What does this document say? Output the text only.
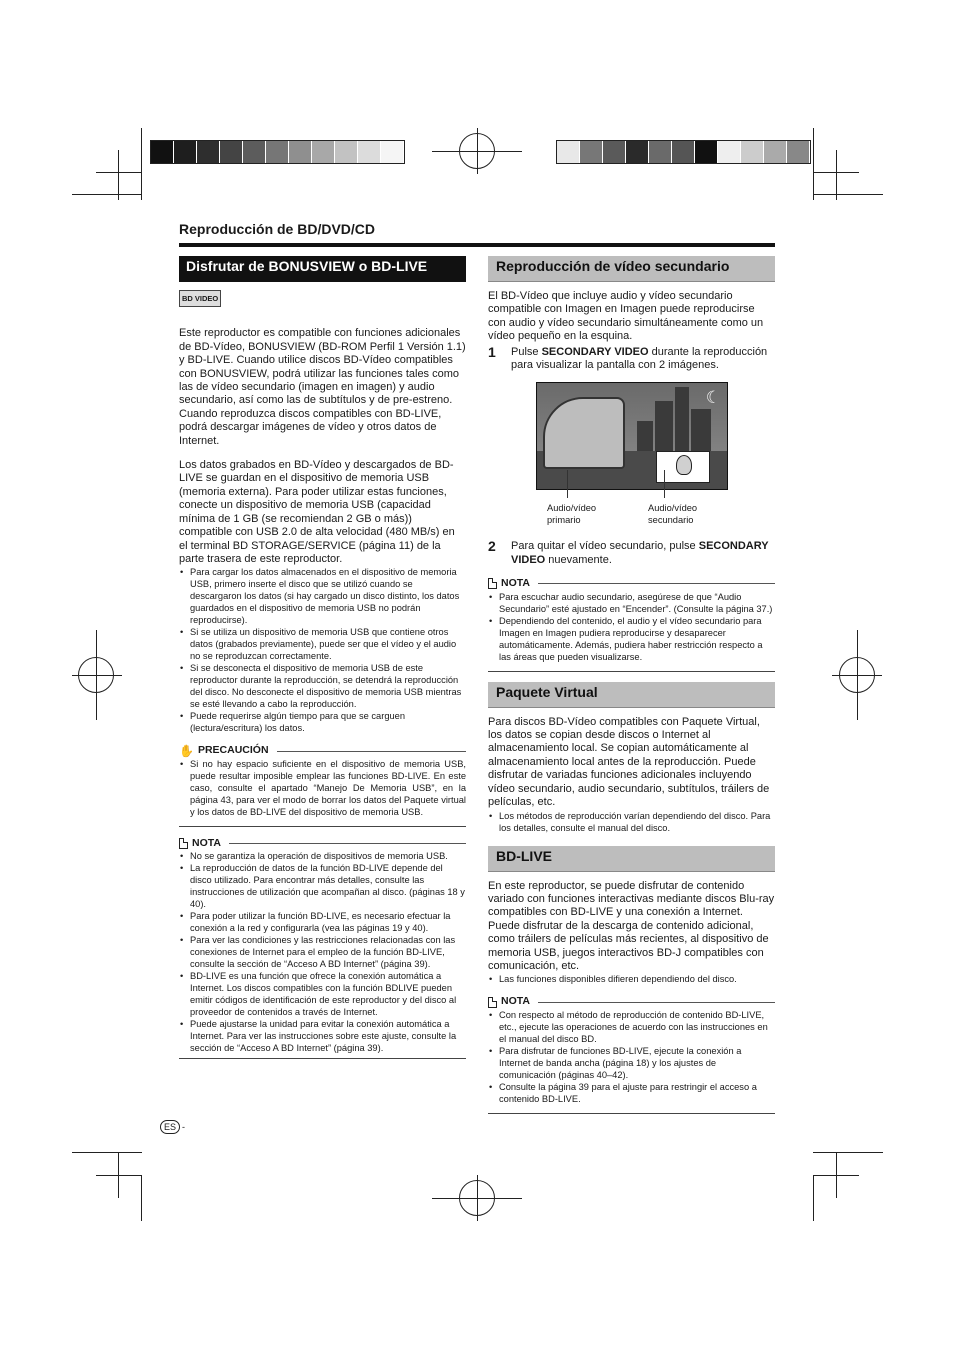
Reproducción de BD/DVD/CD
Disfrutar de BONUSVIEW o BD-LIVE
BD VIDEO

Este reproductor es compatible con funciones adicionales de BD-Vídeo, BONUSVIEW (BD-ROM Perfil 1 Versión 1.1) y BD-LIVE. Cuando utilice discos BD-Vídeo compatibles con BONUSVIEW, podrá utilizar las funciones tales como las de vídeo secundario (imagen en imagen) y audio secundario, así como las de subtítulos y de pre-estreno. Cuando reproduzca discos compatibles con BD-LIVE, podrá descargar imágenes de vídeo y otros datos de Internet.

Los datos grabados en BD-Vídeo y descargados de BD-LIVE se guardan en el dispositivo de memoria USB (memoria externa). Para poder utilizar estas funciones, conecte un dispositivo de memoria USB (capacidad mínima de 1 GB (se recomiendan 2 GB o más)) compatible con USB 2.0 de alta velocidad (480 MB/s) en el terminal BD STORAGE/SERVICE (página 11) de la parte trasera de este reproductor.

• Para cargar los datos almacenados en el dispositivo de memoria USB, primero inserte el disco que se utilizó cuando se descargaron los datos (si hay cargado un disco distinto, los datos guardados en el dispositivo de memoria USB no podrán reproducirse).
• Si se utiliza un dispositivo de memoria USB que contiene otros datos (grabados previamente), puede ser que el vídeo y el audio no se reproduzcan correctamente.
• Si se desconecta el dispositivo de memoria USB de este reproductor durante la reproducción, se detendrá la reproducción del disco. No desconecte el dispositivo de memoria USB mientras se esté llevando a cabo la reproducción.
• Puede requerirse algún tiempo para que se carguen (lectura/escritura) los datos.
✋ PRECAUCIÓN
• Si no hay espacio suficiente en el dispositivo de memoria USB, puede resultar imposible emplear las funciones BD-LIVE. En este caso, consulte el apartado “Manejo De Memoria USB”, en la página 43, para ver el modo de borrar los datos del Paquete virtual y los datos de BD-LIVE del dispositivo de memoria USB.
NOTA
• No se garantiza la operación de dispositivos de memoria USB.
• La reproducción de datos de la función BD-LIVE depende del disco utilizado. Para encontrar más detalles, consulte las instrucciones de utilización que acompañan al disco. (páginas 18 y 40).
• Para poder utilizar la función BD-LIVE, es necesario efectuar la conexión a la red y configurarla (vea las páginas 19 y 40).
• Para ver las condiciones y las restricciones relacionadas con las conexiones de Internet para el empleo de la función BD-LIVE, consulte la sección de “Acceso A BD Internet” (página 39).
• BD-LIVE es una función que ofrece la conexión automática a Internet. Los discos compatibles con la función BDLIVE pueden emitir códigos de identificación de este reproductor y del disco al proveedor de contenidos a través de Internet.
• Puede ajustarse la unidad para evitar la conexión automática a Internet. Para ver las instrucciones sobre este ajuste, consulte la sección de “Acceso A BD Internet” (página 39).
Reproducción de vídeo secundario

El BD-Vídeo que incluye audio y vídeo secundario compatible con Imagen en Imagen puede reproducirse con audio y vídeo secundario simultáneamente como un vídeo pequeño en la esquina.

1	Pulse SECONDARY VIDEO durante la reproducción para visualizar la pantalla con 2 imágenes.
☾
Audio/vídeo primario
Audio/vídeo secundario
2	Para quitar el vídeo secundario, pulse SECONDARY VIDEO nuevamente.
NOTA
• Para escuchar audio secundario, asegúrese de que “Audio Secundario” esté ajustado en “Encender”. (Consulte la página 37.)
• Dependiendo del contenido, el audio y el vídeo secundario para Imagen en Imagen pudiera reproducirse y desaparecer automáticamente. Además, pudiera haber restricción respecto a las áreas que pueden visualizarse.
Paquete Virtual

Para discos BD-Vídeo compatibles con Paquete Virtual, los datos se copian desde discos o Internet al almacenamiento local. Se copian automáticamente al almacenamiento local antes de la reproducción. Puede disfrutar de variadas funciones adicionales incluyendo vídeo secundario, audio secundario, subtítulos, tráilers de películas, etc.

• Los métodos de reproducción varían dependiendo del disco. Para los detalles, consulte el manual del disco.
BD-LIVE

En este reproductor, se puede disfrutar de contenido variado con funciones interactivas mediante discos Blu-ray compatibles con BD-LIVE y una conexión a Internet. Puede disfrutar de la descarga de contenido adicional, como tráilers de películas más recientes, al dispositivo de memoria USB, juegos interactivos BD-J compatibles con comunicación, etc.

• Las funciones disponibles difieren dependiendo del disco.
NOTA
• Con respecto al método de reproducción de contenido BD-LIVE, etc., ejecute las operaciones de acuerdo con las instrucciones en el manual del disco BD.
• Para disfrutar de funciones BD-LIVE, ejecute la conexión a Internet de banda ancha (página 18) y los ajustes de comunicación (páginas 40–42).
• Consulte la página 39 para el ajuste para restringir el acceso a contenido BD-LIVE.
ES -
